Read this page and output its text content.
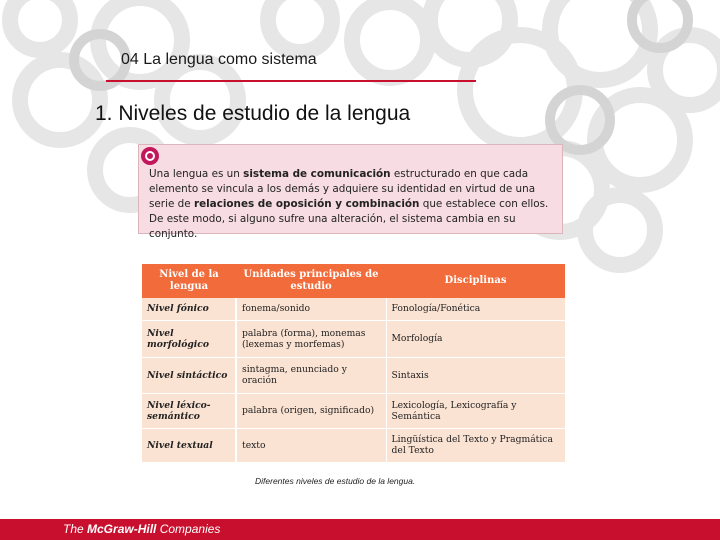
04 La lengua como sistema
1. Niveles de estudio de la lengua
Una lengua es un sistema de comunicación estructurado en que cada elemento se vincula a los demás y adquiere su identidad en virtud de una serie de relaciones de oposición y combinación que establece con ellos. De este modo, si alguno sufre una alteración, el sistema cambia en su conjunto.
Nivel de la lengua	Unidades principales de estudio	Disciplinas
Nivel fónico	fonema/sonido	Fonología/Fonética
Nivel morfológico	palabra (forma), monemas (lexemas y morfemas)	Morfología
Nivel sintáctico	sintagma, enunciado y oración	Sintaxis
Nivel léxico-semántico	palabra (origen, significado)	Lexicología, Lexicografía y Semántica
Nivel textual	texto	Lingüística del Texto y Pragmática del Texto
Diferentes niveles de estudio de la lengua.
The McGraw-Hill Companies
